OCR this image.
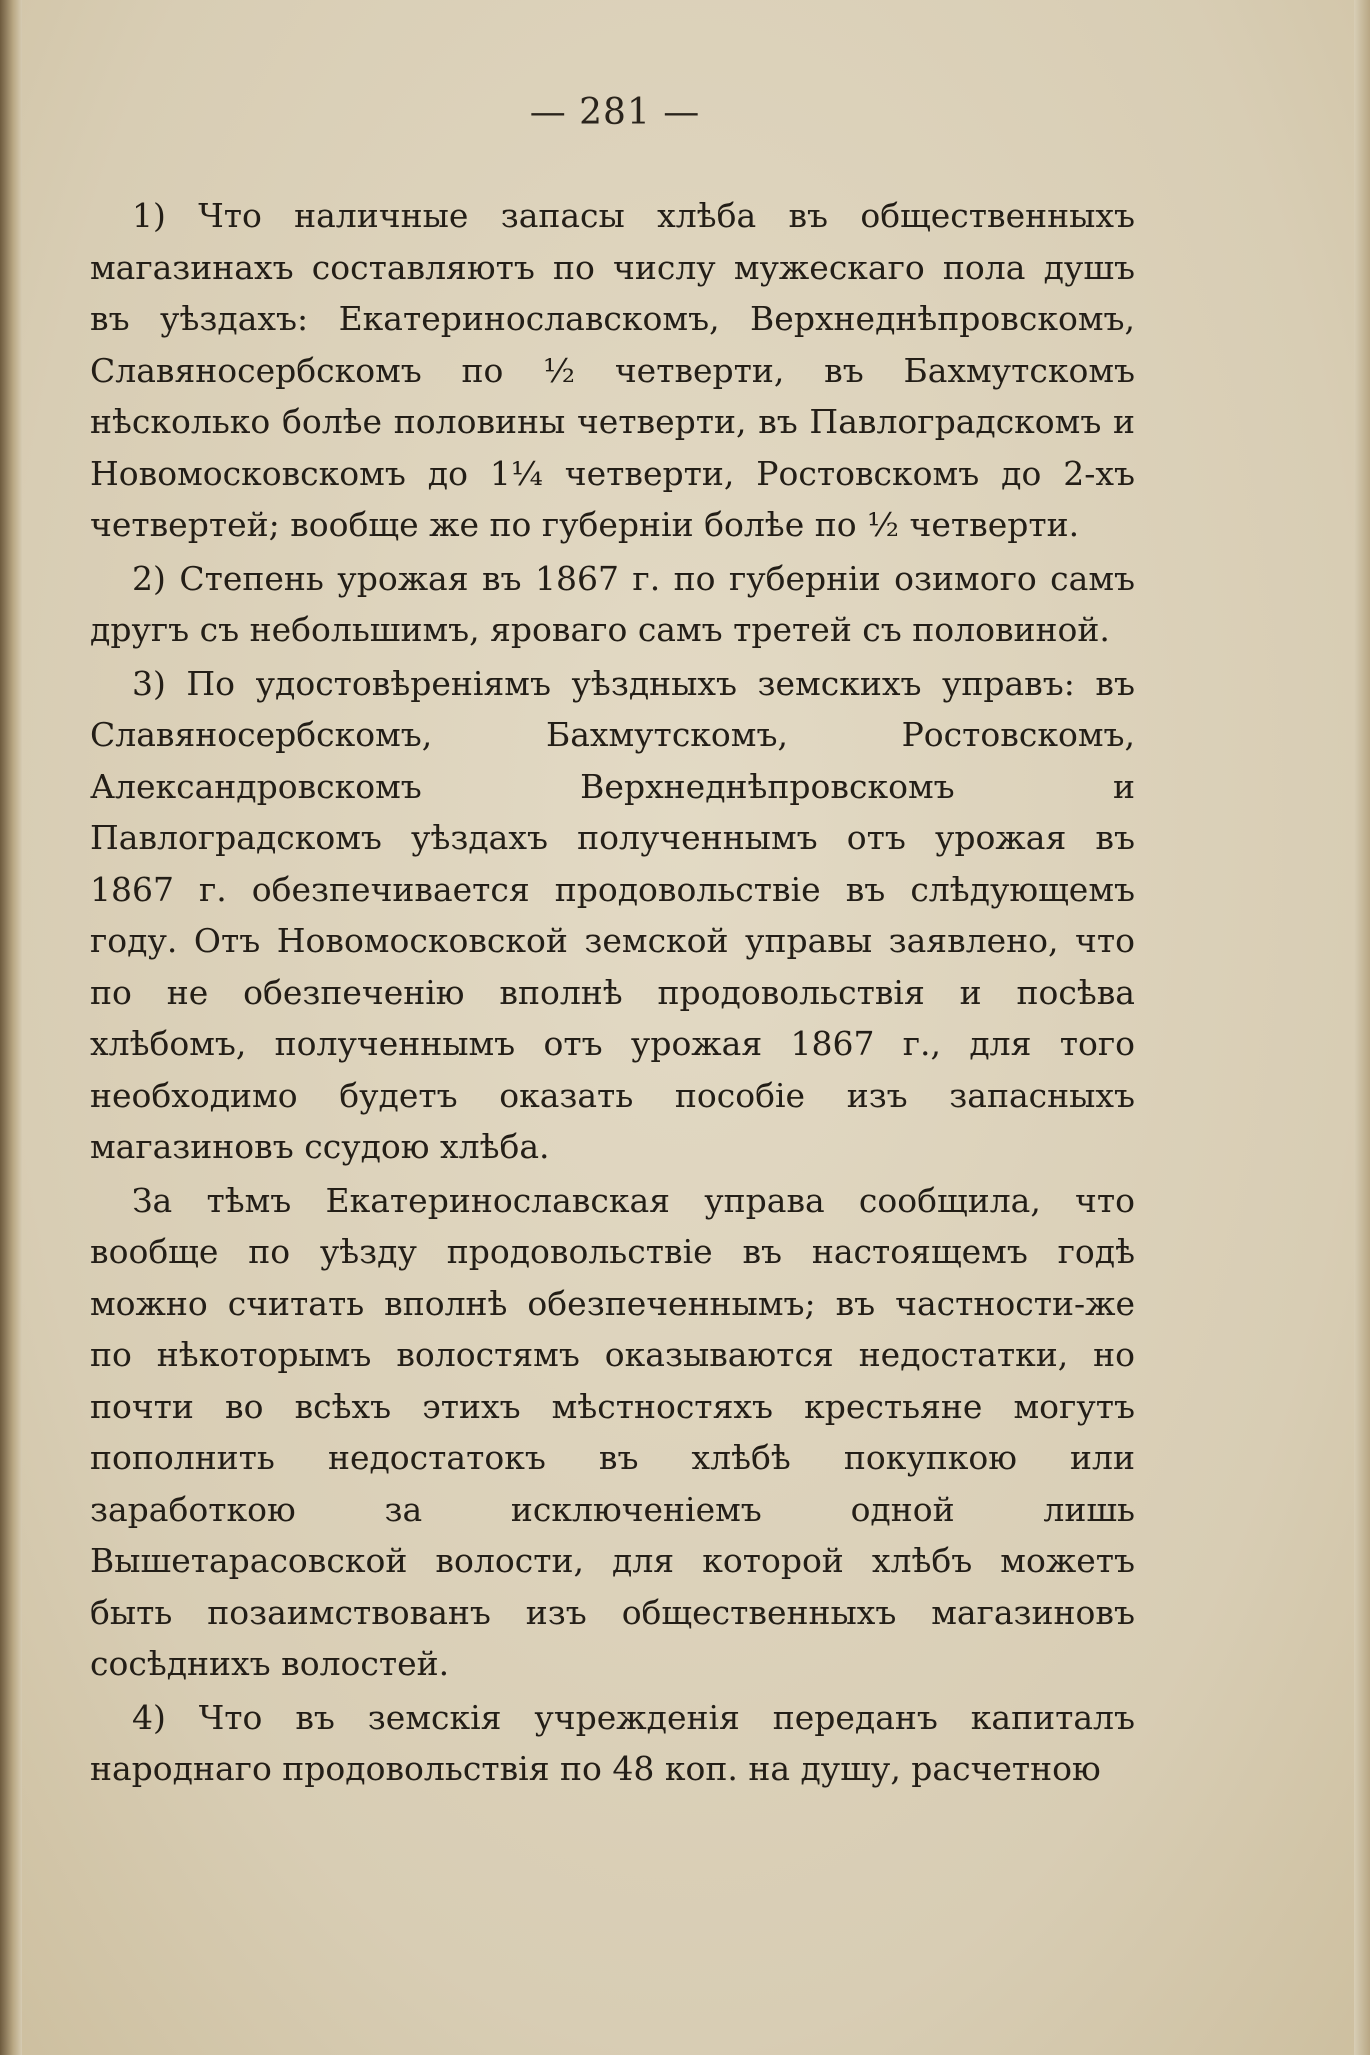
— 281 —

1) Что наличные запасы хлѣба въ общественныхъ магазинахъ составляютъ по числу мужескаго пола душъ въ уѣздахъ: Екатеринославскомъ, Верхнеднѣпровскомъ, Славяносербскомъ по ½ четверти, въ Бахмутскомъ нѣсколько болѣе половины четверти, въ Павлоградскомъ и Новомосковскомъ до 1¼ четверти, Ростовскомъ до 2-хъ четвертей; вообще же по губерніи болѣе по ½ четверти.

2) Степень урожая въ 1867 г. по губерніи озимого самъ другъ съ небольшимъ, яроваго самъ третей съ половиной.

3) По удостовѣреніямъ уѣздныхъ земскихъ управъ: въ Славяносербскомъ, Бахмутскомъ, Ростовскомъ, Александровскомъ Верхнеднѣпровскомъ и Павлоградскомъ уѣздахъ полученнымъ отъ урожая въ 1867 г. обезпечивается продовольствіе въ слѣдующемъ году. Отъ Новомосковской земской управы заявлено, что по не обезпеченію вполнѣ продовольствія и посѣва хлѣбомъ, полученнымъ отъ урожая 1867 г., для того необходимо будетъ оказать пособіе изъ запасныхъ магазиновъ ссудою хлѣба.

За тѣмъ Екатеринославская управа сообщила, что вообще по уѣзду продовольствіе въ настоящемъ годѣ можно считать вполнѣ обезпеченнымъ; въ частности-же по нѣкоторымъ волостямъ оказываются недостатки, но почти во всѣхъ этихъ мѣстностяхъ крестьяне могутъ пополнить недостатокъ въ хлѣбѣ покупкою или заработкою за исключеніемъ одной лишь Вышетарасовской волости, для которой хлѣбъ можетъ быть позаимствованъ изъ общественныхъ магазиновъ сосѣднихъ волостей.

4) Что въ земскія учрежденія переданъ капиталъ народнаго продовольствія по 48 коп. на душу, расчетною
